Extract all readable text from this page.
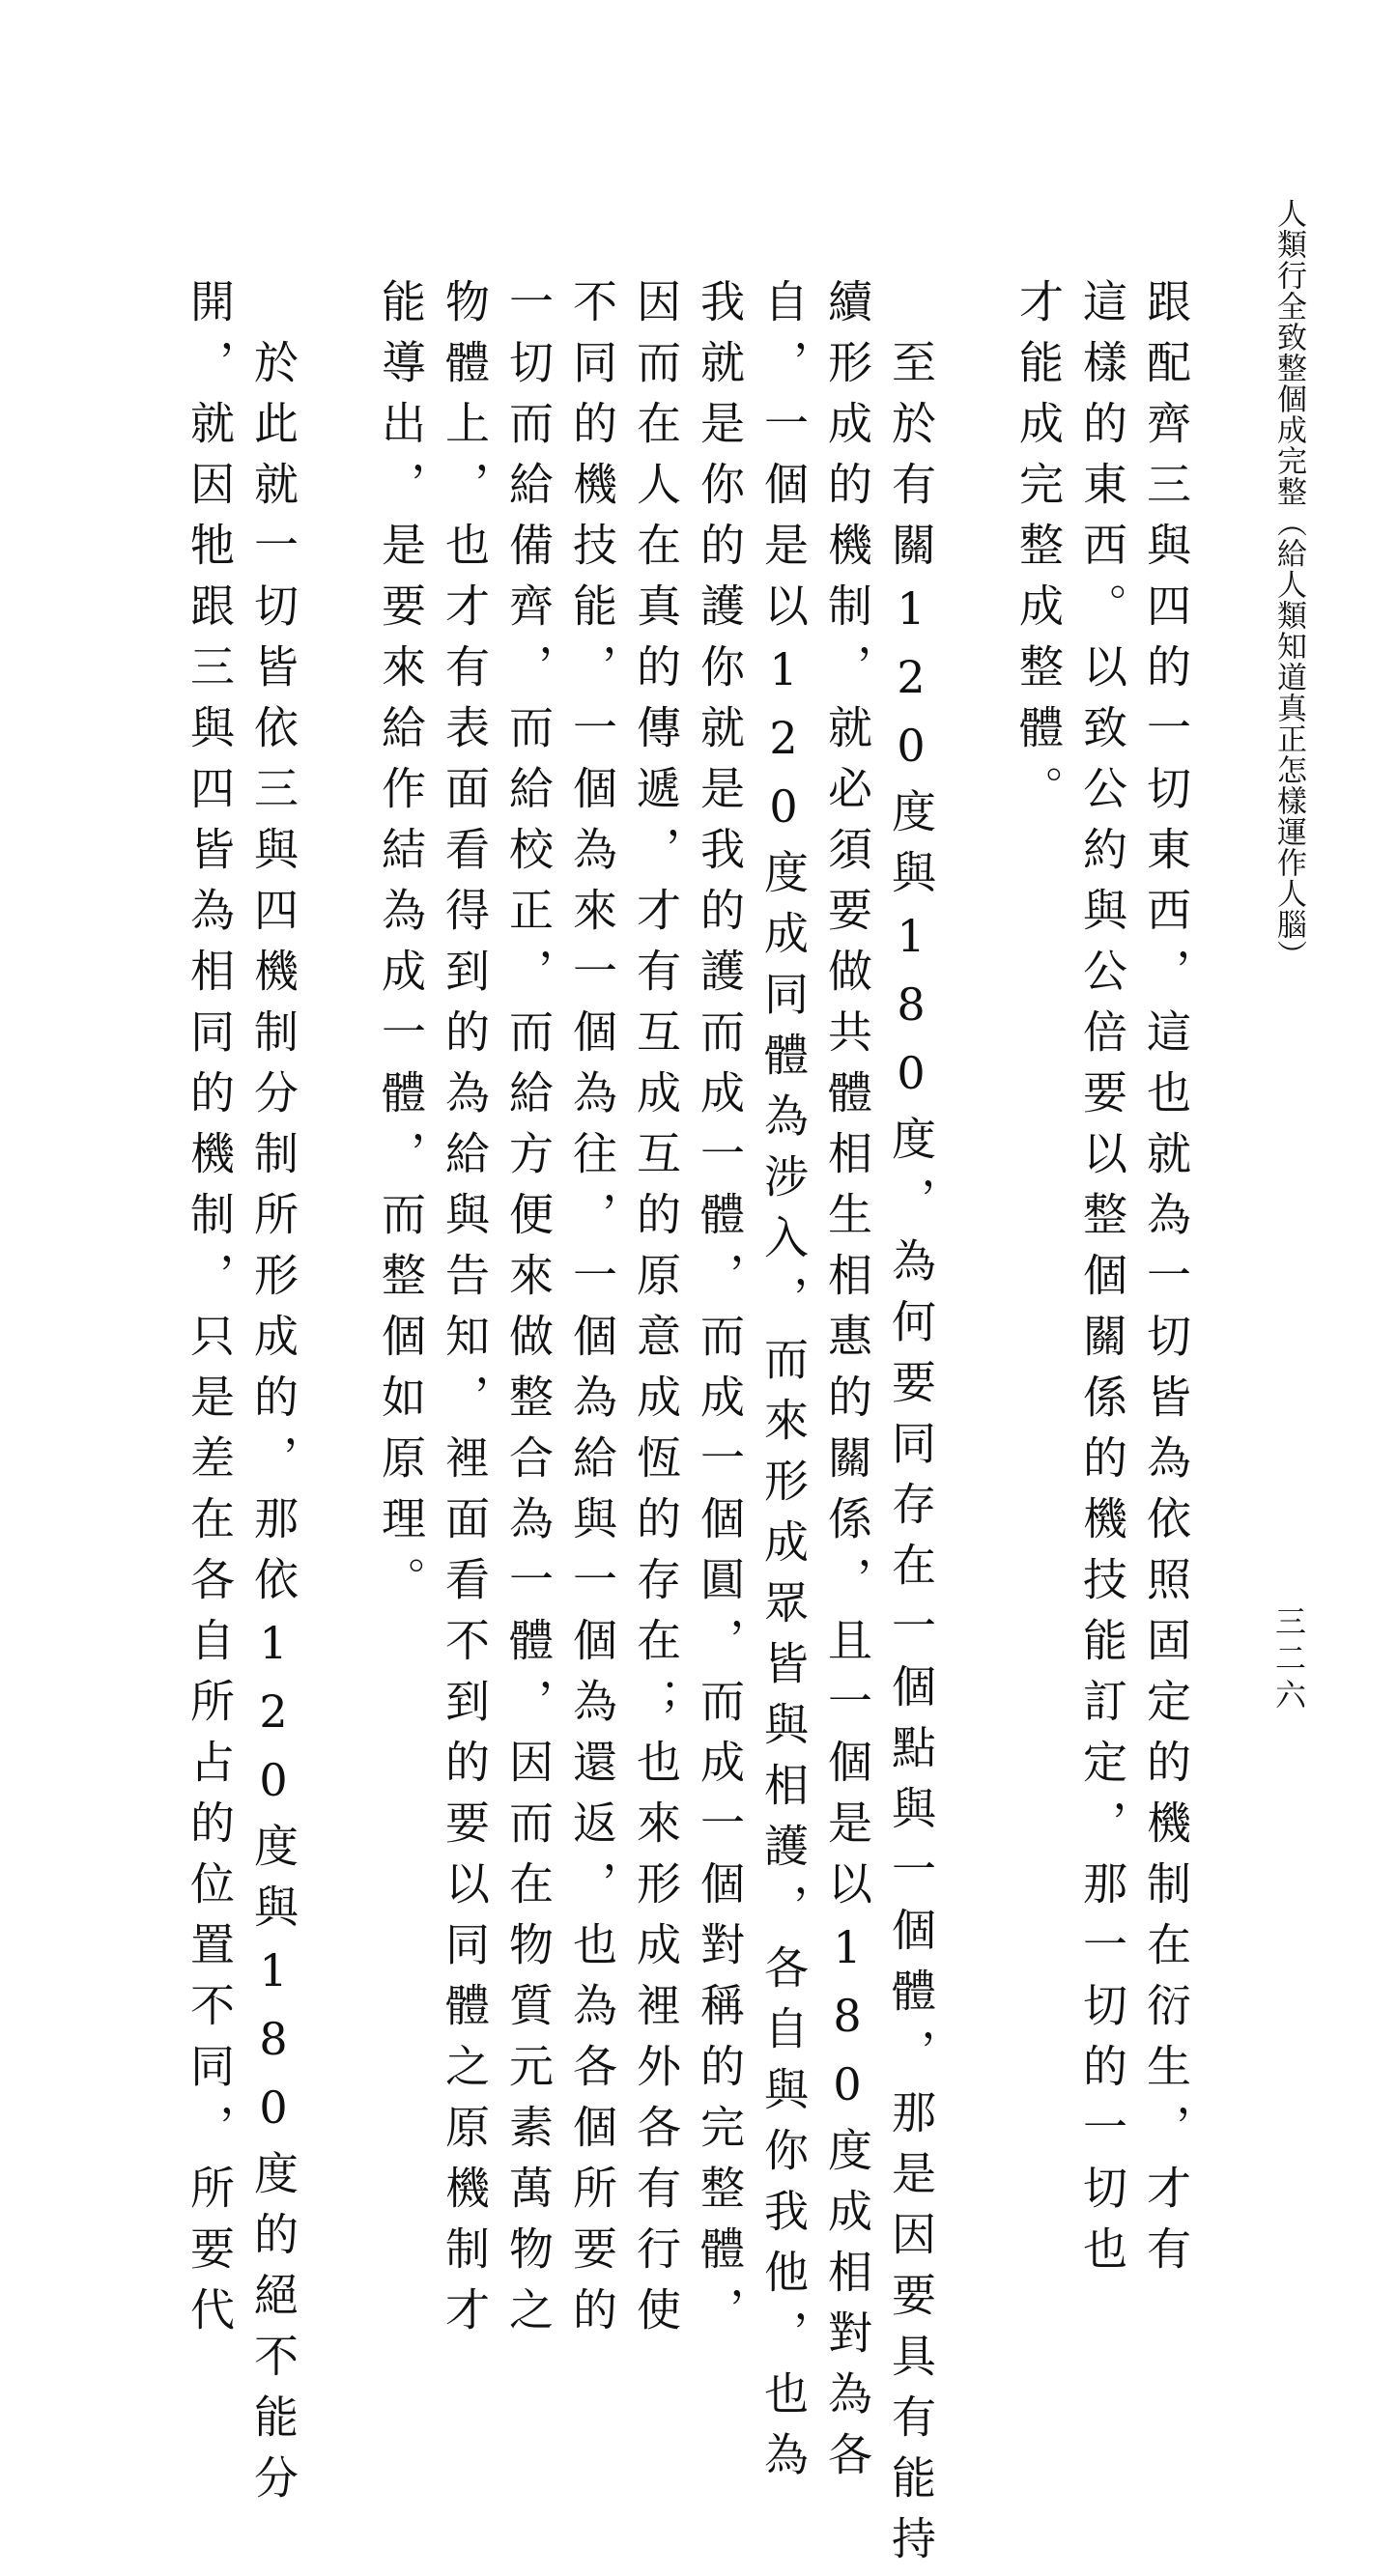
人類行全致整個成完整（給人類知道真正怎樣運作人腦）
三二六
跟配齊三與四的一切東西，這也就為一切皆為依照固定的機制在衍生，才有
這樣的東西。以致公約與公倍要以整個關係的機技能訂定，那一切的一切也
才能成完整成整體。
　至於有關120度與180度，為何要同存在一個點與一個體，那是因要具有能持
續形成的機制，就必須要做共體相生相惠的關係，且一個是以180度成相對為各
自，一個是以120度成同體為涉入，而來形成眾皆與相護，各自與你我他，也為
我就是你的護你就是我的護而成一體，而成一個圓，而成一個對稱的完整體，
因而在人在真的傳遞，才有互成互的原意成恆的存在；也來形成裡外各有行使
不同的機技能，一個為來一個為往，一個為給與一個為還返，也為各個所要的
一切而給備齊，而給校正，而給方便來做整合為一體，因而在物質元素萬物之
物體上，也才有表面看得到的為給與告知，裡面看不到的要以同體之原機制才
能導出，是要來給作結為成一體，而整個如原理。
　於此就一切皆依三與四機制分制所形成的，那依120度與180度的絕不能分
開，就因牠跟三與四皆為相同的機制，只是差在各自所占的位置不同，所要代
